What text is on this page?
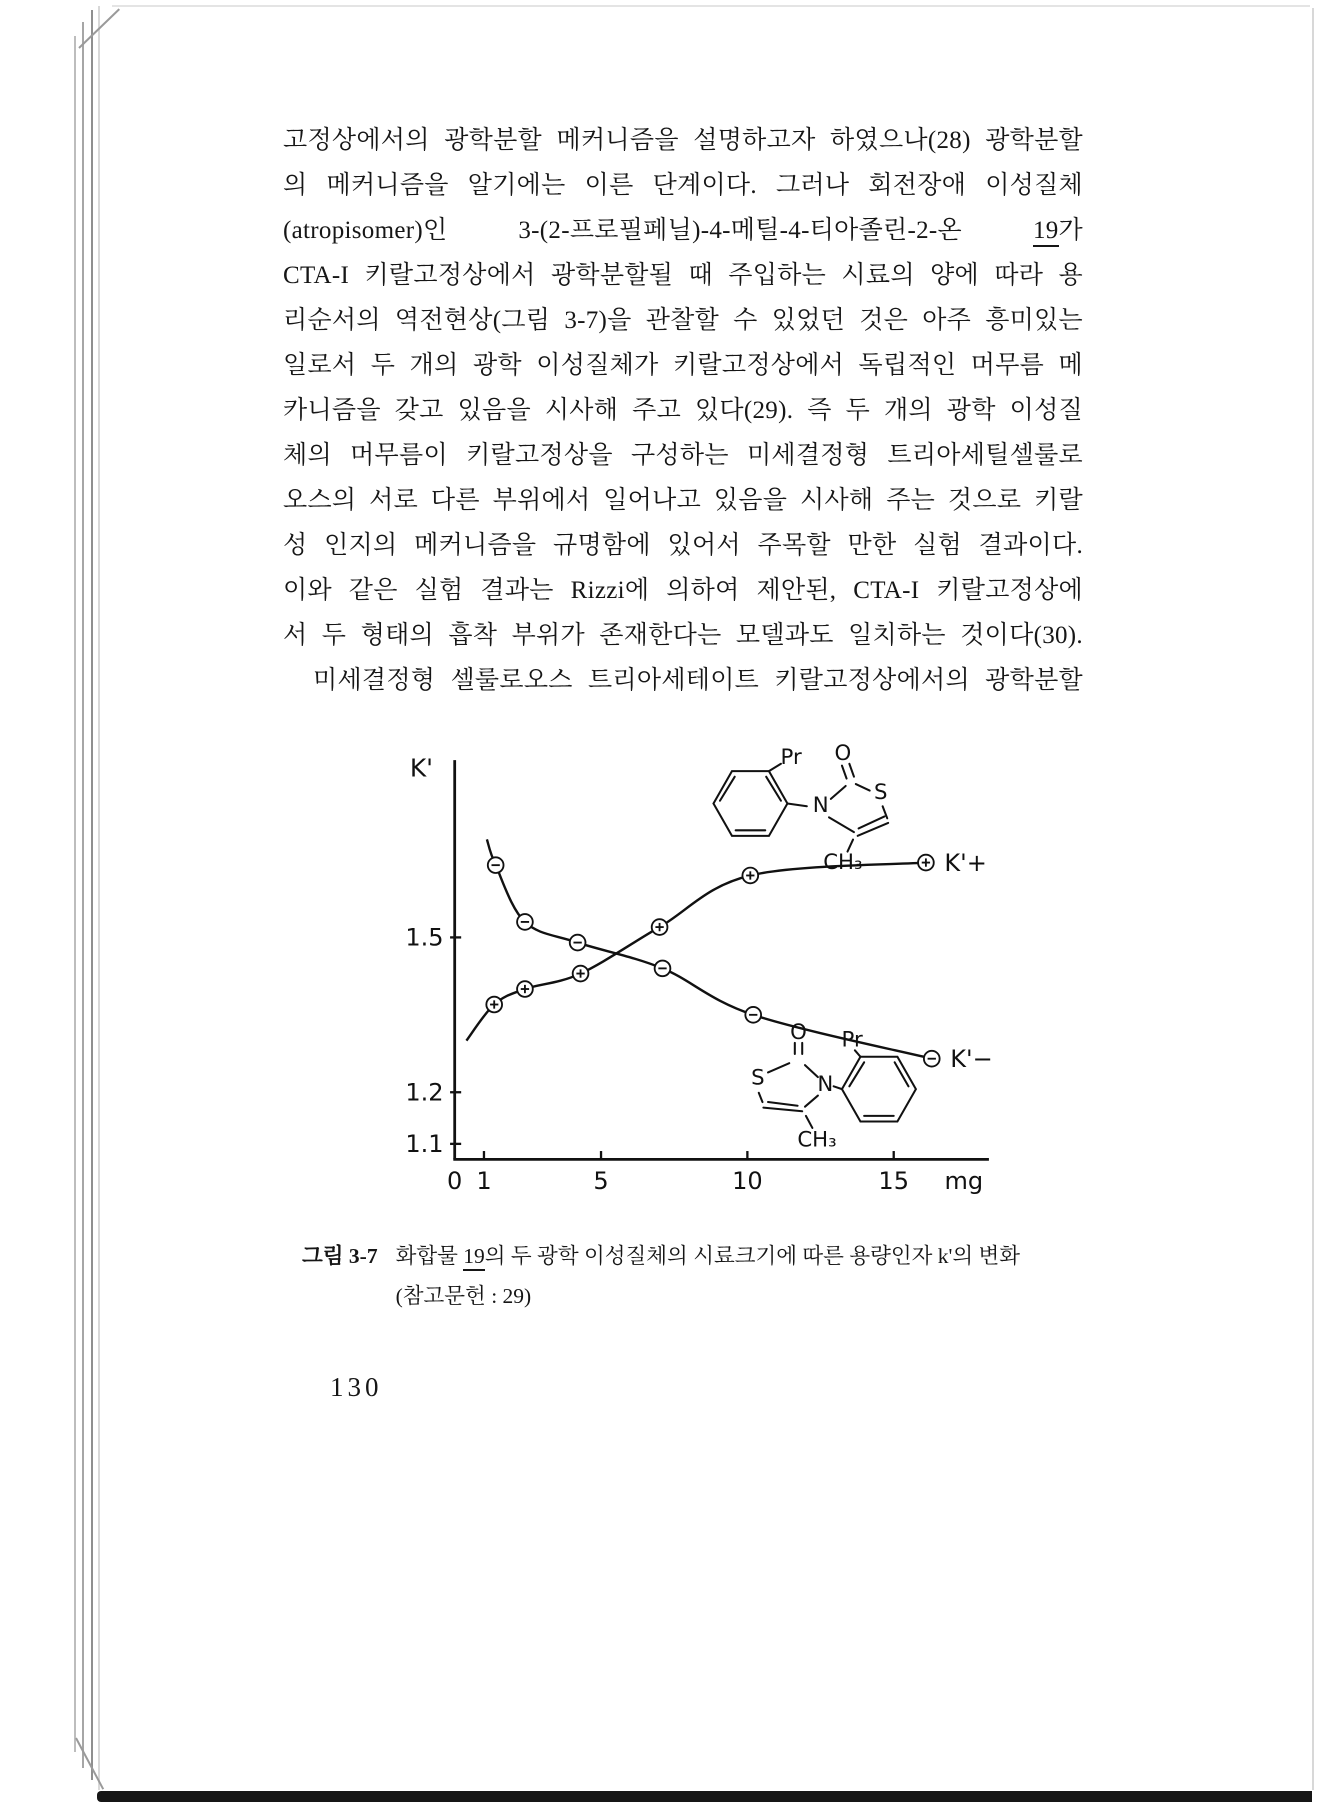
고정상에서의 광학분할 메커니즘을 설명하고자 하였으나(28) 광학분할

의 메커니즘을 알기에는 이른 단계이다. 그러나 회전장애 이성질체

(atropisomer)인 3-(2-프로필페닐)-4-메틸-4-티아졸린-2-온 19가

CTA-I 키랄고정상에서 광학분할될 때 주입하는 시료의 양에 따라 용

리순서의 역전현상(그림 3-7)을 관찰할 수 있었던 것은 아주 흥미있는

일로서 두 개의 광학 이성질체가 키랄고정상에서 독립적인 머무름 메

카니즘을 갖고 있음을 시사해 주고 있다(29). 즉 두 개의 광학 이성질

체의 머무름이 키랄고정상을 구성하는 미세결정형 트리아세틸셀룰로

오스의 서로 다른 부위에서 일어나고 있음을 시사해 주는 것으로 키랄

성 인지의 메커니즘을 규명함에 있어서 주목할 만한 실험 결과이다.

이와 같은 실험 결과는 Rizzi에 의하여 제안된, CTA-I 키랄고정상에

서 두 형태의 흡착 부위가 존재한다는 모델과도 일치하는 것이다(30).

미세결정형 셀룰로오스 트리아세테이트 키랄고정상에서의 광학분할

K'
mg
1.5
1.2
1.1
0 1	5	10	15
K'+
K'−
O
Pr
S
N
CH₃
O
S N
Pr
CH₃
그림 3-7 화합물 19의 두 광학 이성질체의 시료크기에 따른 용량인자 k'의 변화
(참고문헌 : 29)
130
